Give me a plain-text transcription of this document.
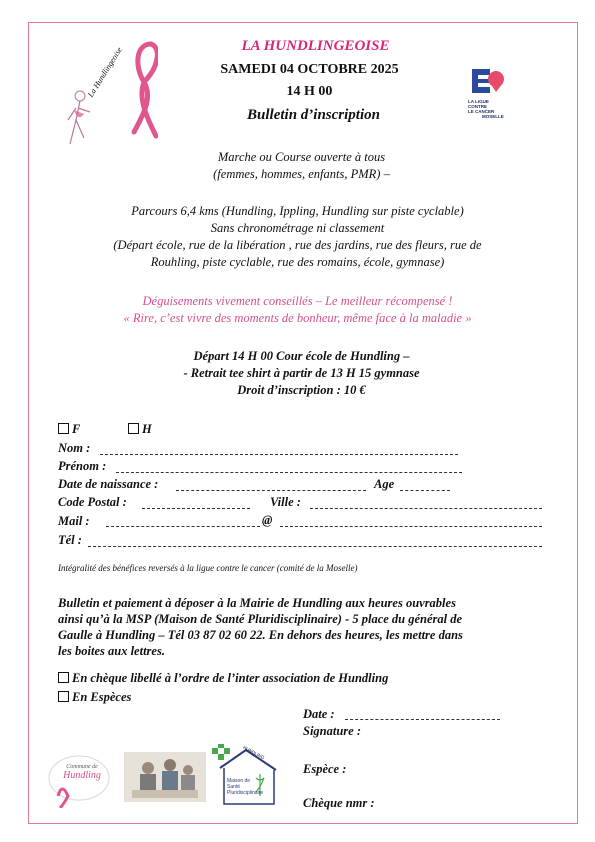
La Hundlingeoise
LA LIGUE
CONTRE
LE CANCER
MOSELLE
LA HUNDLINGEOISE
SAMEDI 04 OCTOBRE 2025
14 H 00
Bulletin d’inscription
Marche ou Course ouverte à tous
(femmes, hommes, enfants, PMR) –
Parcours 6,4 kms (Hundling, Ippling, Hundling sur piste cyclable)
Sans chronométrage ni classement
(Départ école, rue de la libération , rue des jardins, rue des fleurs, rue de
Rouhling, piste cyclable, rue des romains, école, gymnase)
Déguisements vivement conseillés – Le meilleur récompensé !
« Rire, c’est vivre des moments de bonheur, même face à la maladie »
Départ 14 H 00 Cour école de Hundling –
- Retrait tee shirt à partir de 13 H 15 gymnase
Droit d’inscription : 10 €
F	H
Nom :
Prénom :
Date de naissance :	Age
Code Postal :	Ville :
Mail :	@
Tél :
Intégralité des bénéfices reversés à la ligue contre le cancer (comité de la Moselle)
Bulletin et paiement à déposer à la Mairie de Hundling aux heures ouvrables
ainsi qu’à la MSP (Maison de Santé Pluridisciplinaire) - 5 place du général de
Gaulle à Hundling – Tél 03 87 02 60 22. En dehors des heures, les mettre dans
les boites aux lettres.
En chèque libellé à l’ordre de l’inter association de Hundling
En Espèces
Date :
Signature :
Espèce :
Chèque nmr :
Commune de
Hundling
HUNDLING
Maison de
Santé
Pluridisciplinaire
